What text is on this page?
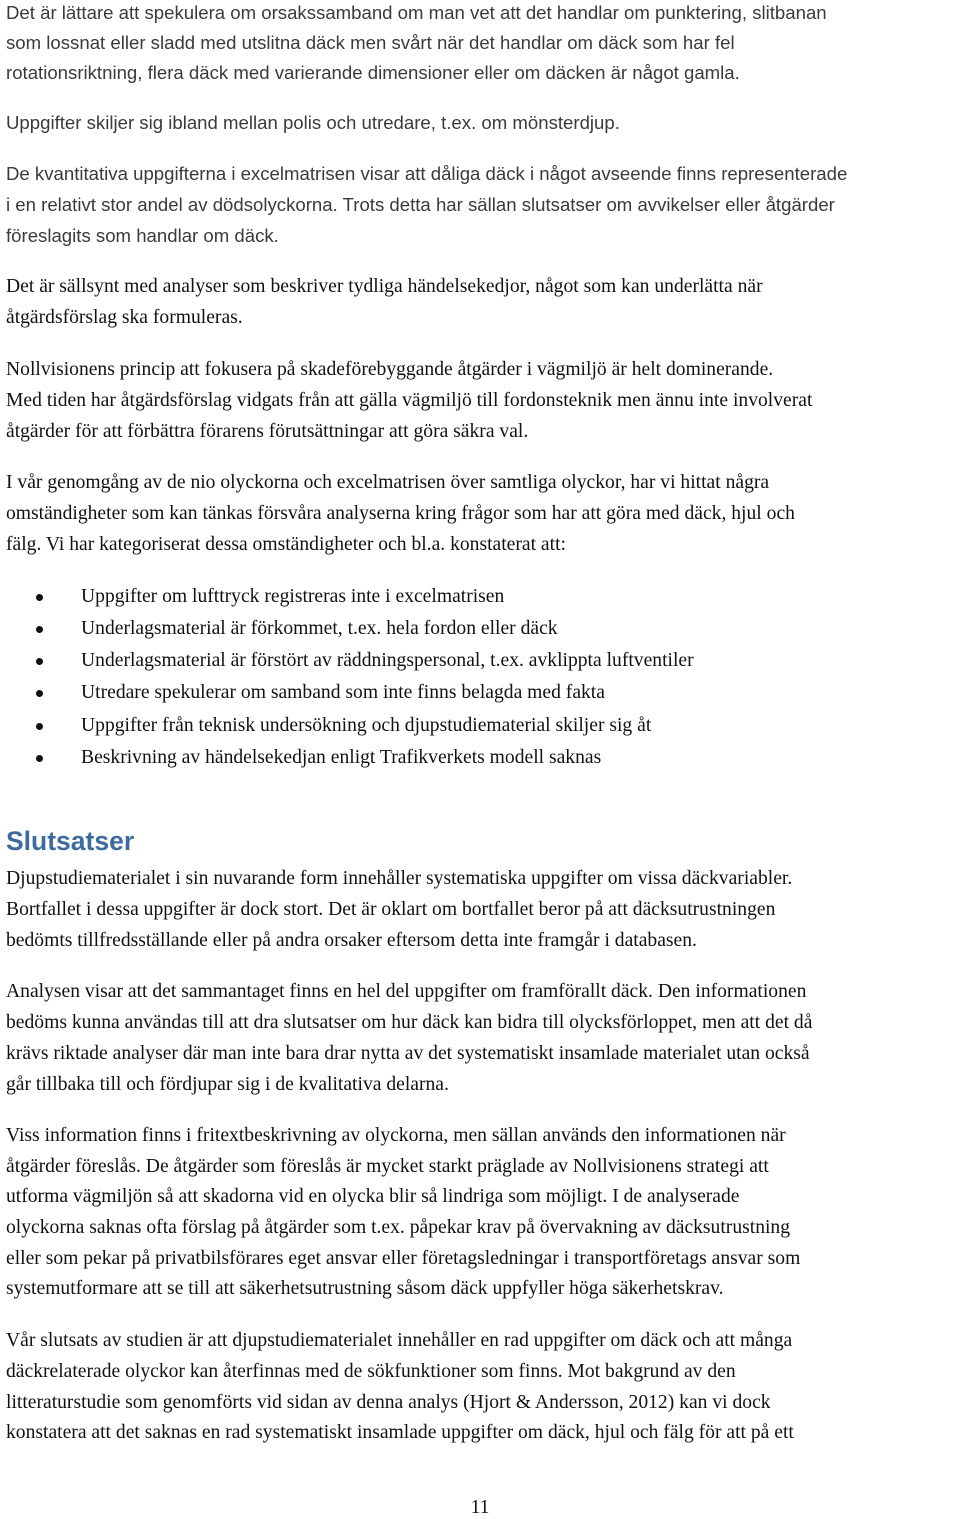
Det är lättare att spekulera om orsakssamband om man vet att det handlar om punktering, slitbanan
som lossnat eller sladd med utslitna däck men svårt när det handlar om däck som har fel
rotationsriktning, flera däck med varierande dimensioner eller om däcken är något gamla.
Uppgifter skiljer sig ibland mellan polis och utredare, t.ex. om mönsterdjup.
De kvantitativa uppgifterna i excelmatrisen visar att dåliga däck i något avseende finns representerade
i en relativt stor andel av dödsolyckorna. Trots detta har sällan slutsatser om avvikelser eller åtgärder
föreslagits som handlar om däck.
Det är sällsynt med analyser som beskriver tydliga händelsekedjor, något som kan underlätta när
åtgärdsförslag ska formuleras.
Nollvisionens princip att fokusera på skadeförebyggande åtgärder i vägmiljö är helt dominerande.
Med tiden har åtgärdsförslag vidgats från att gälla vägmiljö till fordonsteknik men ännu inte involverat
åtgärder för att förbättra förarens förutsättningar att göra säkra val.
I vår genomgång av de nio olyckorna och excelmatrisen över samtliga olyckor, har vi hittat några
omständigheter som kan tänkas försvåra analyserna kring frågor som har att göra med däck, hjul och
fälg. Vi har kategoriserat dessa omständigheter och bl.a. konstaterat att:
Uppgifter om lufttryck registreras inte i excelmatrisen
Underlagsmaterial är förkommet, t.ex. hela fordon eller däck
Underlagsmaterial är förstört av räddningspersonal, t.ex. avklippta luftventiler
Utredare spekulerar om samband som inte finns belagda med fakta
Uppgifter från teknisk undersökning och djupstudiematerial skiljer sig åt
Beskrivning av händelsekedjan enligt Trafikverkets modell saknas
Slutsatser
Djupstudiematerialet i sin nuvarande form innehåller systematiska uppgifter om vissa däckvariabler.
Bortfallet i dessa uppgifter är dock stort. Det är oklart om bortfallet beror på att däcksutrustningen
bedömts tillfredsställande eller på andra orsaker eftersom detta inte framgår i databasen.
Analysen visar att det sammantaget finns en hel del uppgifter om framförallt däck. Den informationen
bedöms kunna användas till att dra slutsatser om hur däck kan bidra till olycksförloppet, men att det då
krävs riktade analyser där man inte bara drar nytta av det systematiskt insamlade materialet utan också
går tillbaka till och fördjupar sig i de kvalitativa delarna.
Viss information finns i fritextbeskrivning av olyckorna, men sällan används den informationen när
åtgärder föreslås. De åtgärder som föreslås är mycket starkt präglade av Nollvisionens strategi att
utforma vägmiljön så att skadorna vid en olycka blir så lindriga som möjligt. I de analyserade
olyckorna saknas ofta förslag på åtgärder som t.ex. påpekar krav på övervakning av däcksutrustning
eller som pekar på privatbilsförares eget ansvar eller företagsledningar i transportföretags ansvar som
systemutformare att se till att säkerhetsutrustning såsom däck uppfyller höga säkerhetskrav.
Vår slutsats av studien är att djupstudiematerialet innehåller en rad uppgifter om däck och att många
däckrelaterade olyckor kan återfinnas med de sökfunktioner som finns. Mot bakgrund av den
litteraturstudie som genomförts vid sidan av denna analys (Hjort & Andersson, 2012) kan vi dock
konstatera att det saknas en rad systematiskt insamlade uppgifter om däck, hjul och fälg för att på ett
11
